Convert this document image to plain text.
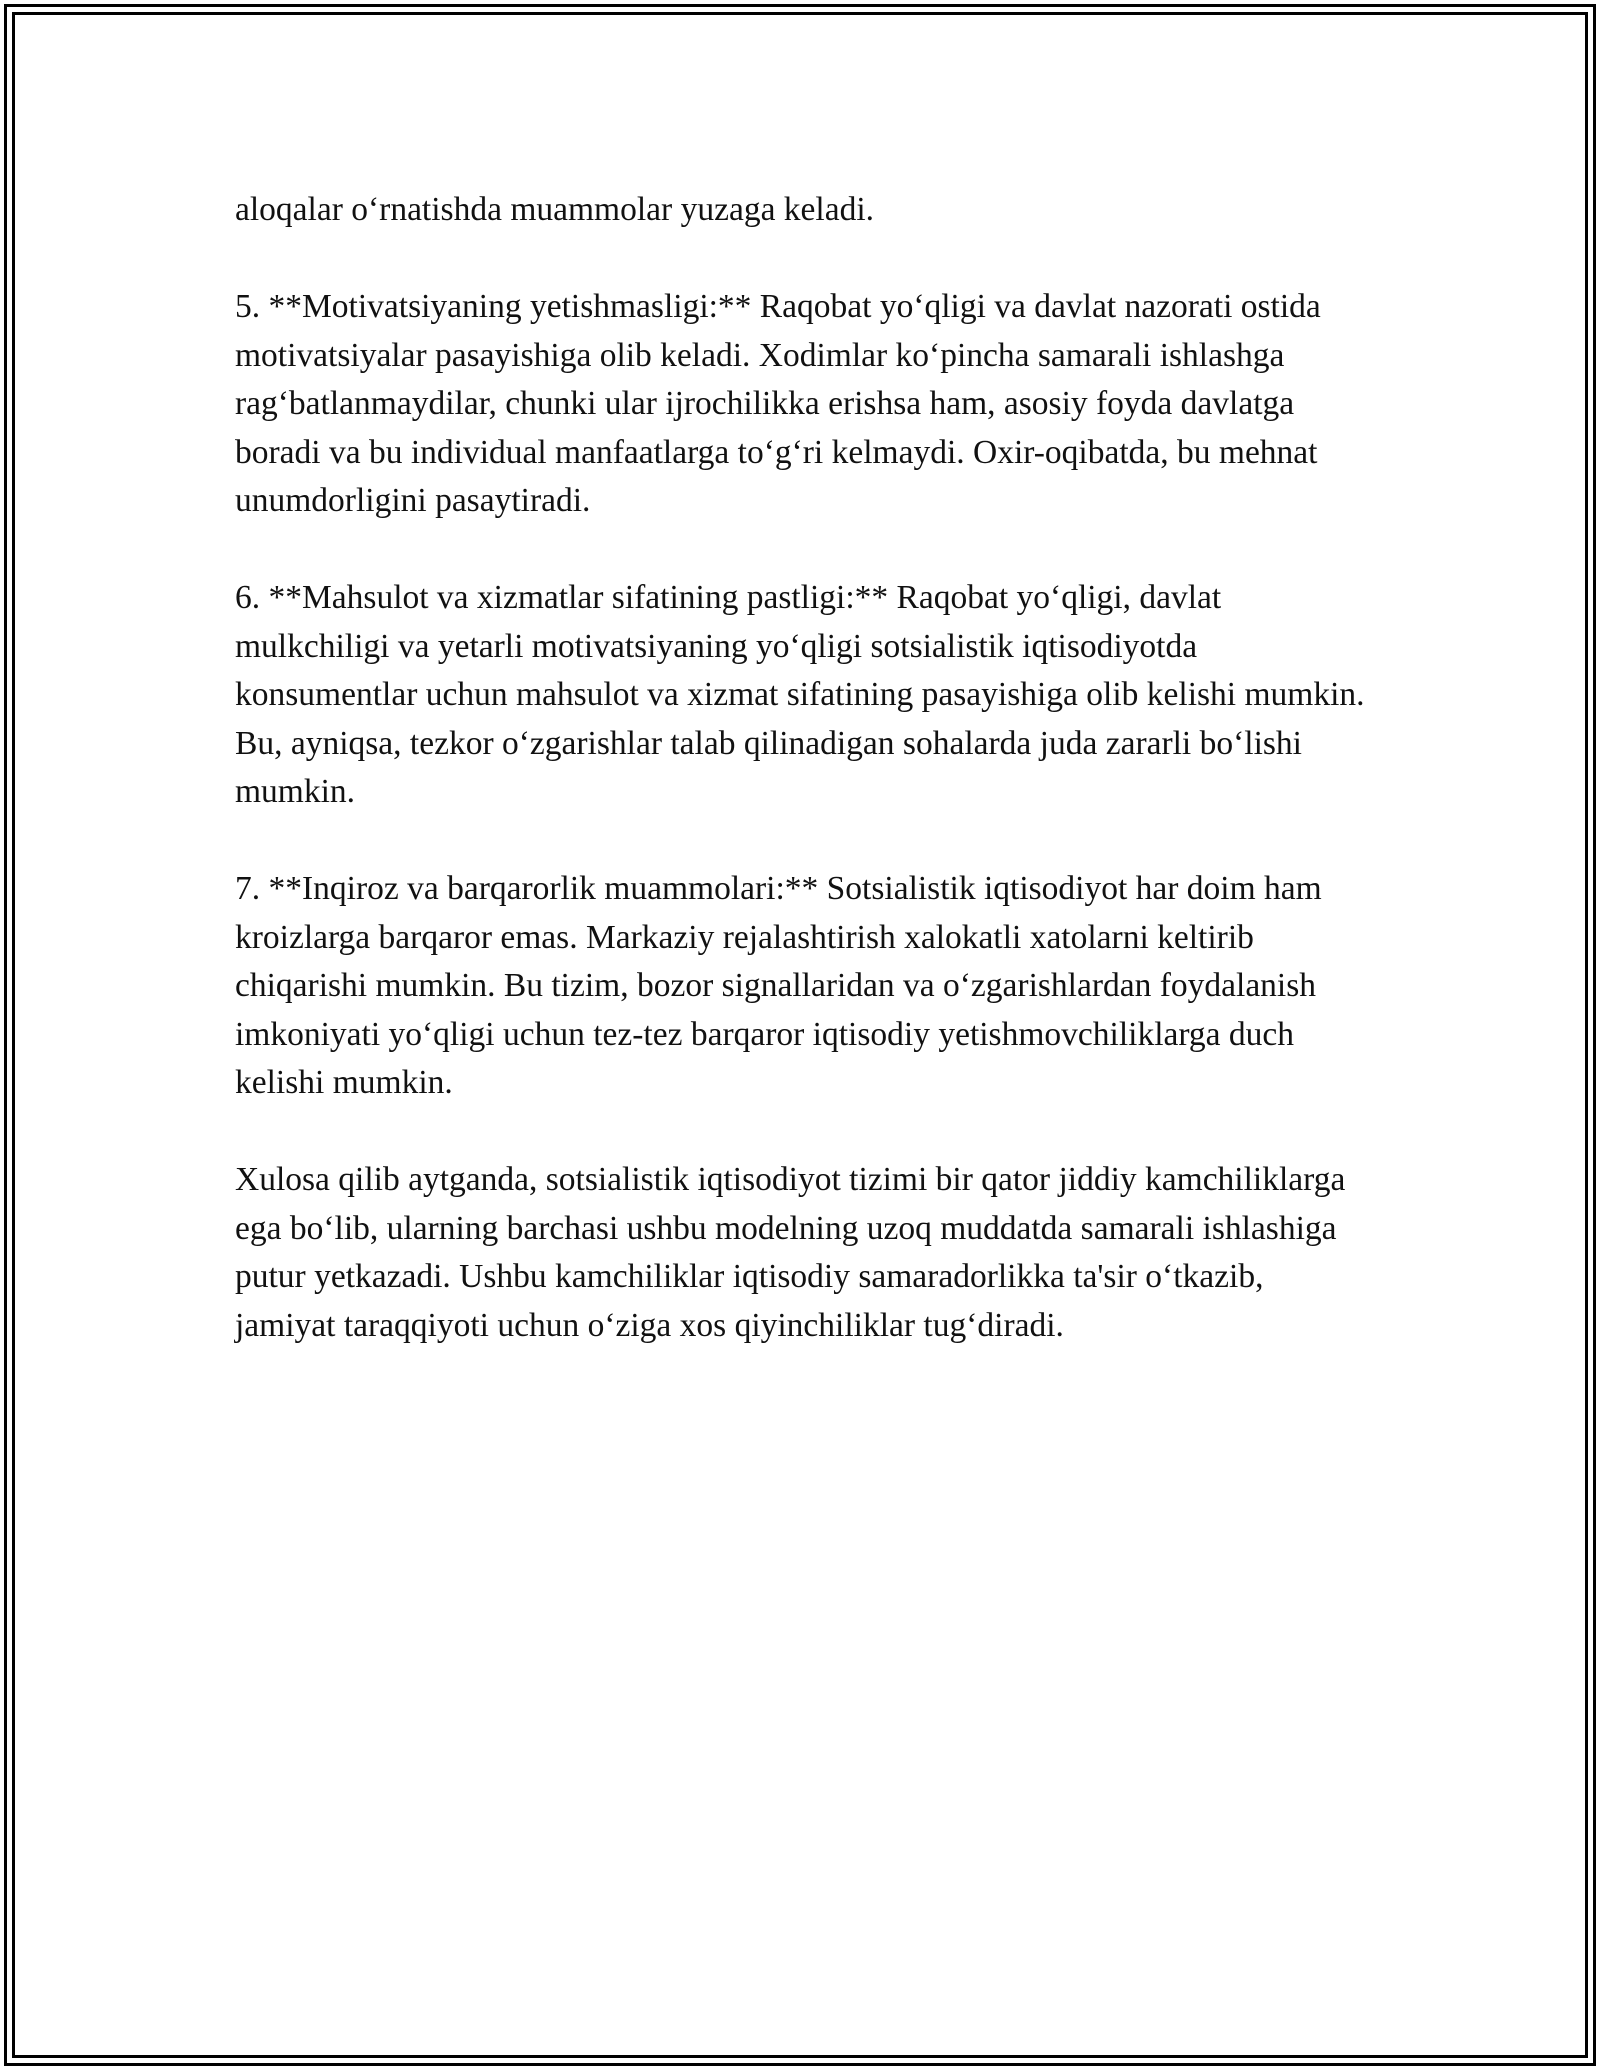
aloqalar o‘rnatishda muammolar yuzaga keladi.

5. **Motivatsiyaning yetishmasligi:** Raqobat yo‘qligi va davlat nazorati ostida motivatsiyalar pasayishiga olib keladi. Xodimlar ko‘pincha samarali ishlashga rag‘batlanmaydilar, chunki ular ijrochilikka erishsa ham, asosiy foyda davlatga boradi va bu individual manfaatlarga to‘g‘ri kelmaydi. Oxir-oqibatda, bu mehnat unumdorligini pasaytiradi.

6. **Mahsulot va xizmatlar sifatining pastligi:** Raqobat yo‘qligi, davlat mulkchiligi va yetarli motivatsiyaning yo‘qligi sotsialistik iqtisodiyotda konsumentlar uchun mahsulot va xizmat sifatining pasayishiga olib kelishi mumkin. Bu, ayniqsa, tezkor o‘zgarishlar talab qilinadigan sohalarda juda zararli bo‘lishi mumkin.

7. **Inqiroz va barqarorlik muammolari:** Sotsialistik iqtisodiyot har doim ham kroizlarga barqaror emas. Markaziy rejalashtirish xalokatli xatolarni keltirib chiqarishi mumkin. Bu tizim, bozor signallaridan va o‘zgarishlardan foydalanish imkoniyati yo‘qligi uchun tez-tez barqaror iqtisodiy yetishmovchiliklarga duch kelishi mumkin.

Xulosa qilib aytganda, sotsialistik iqtisodiyot tizimi bir qator jiddiy kamchiliklarga ega bo‘lib, ularning barchasi ushbu modelning uzoq muddatda samarali ishlashiga putur yetkazadi. Ushbu kamchiliklar iqtisodiy samaradorlikka ta'sir o‘tkazib, jamiyat taraqqiyoti uchun o‘ziga xos qiyinchiliklar tug‘diradi.
